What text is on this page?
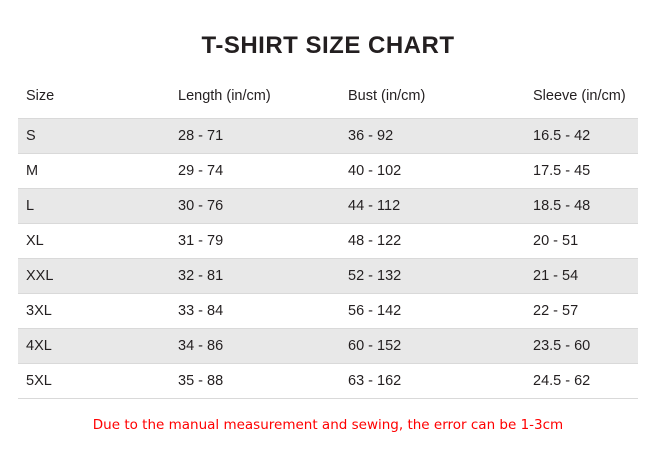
T-SHIRT SIZE CHART
Size	Length (in/cm)	Bust (in/cm)	Sleeve (in/cm)
S	28 - 71	36 - 92	16.5 - 42
M	29 - 74	40 - 102	17.5 - 45
L	30 - 76	44 - 112	18.5 - 48
XL	31 - 79	48 - 122	20 - 51
XXL	32 - 81	52 - 132	21 - 54
3XL	33 - 84	56 - 142	22 - 57
4XL	34 - 86	60 - 152	23.5 - 60
5XL	35 - 88	63 - 162	24.5 - 62
Due to the manual measurement and sewing, the error can be 1-3cm
